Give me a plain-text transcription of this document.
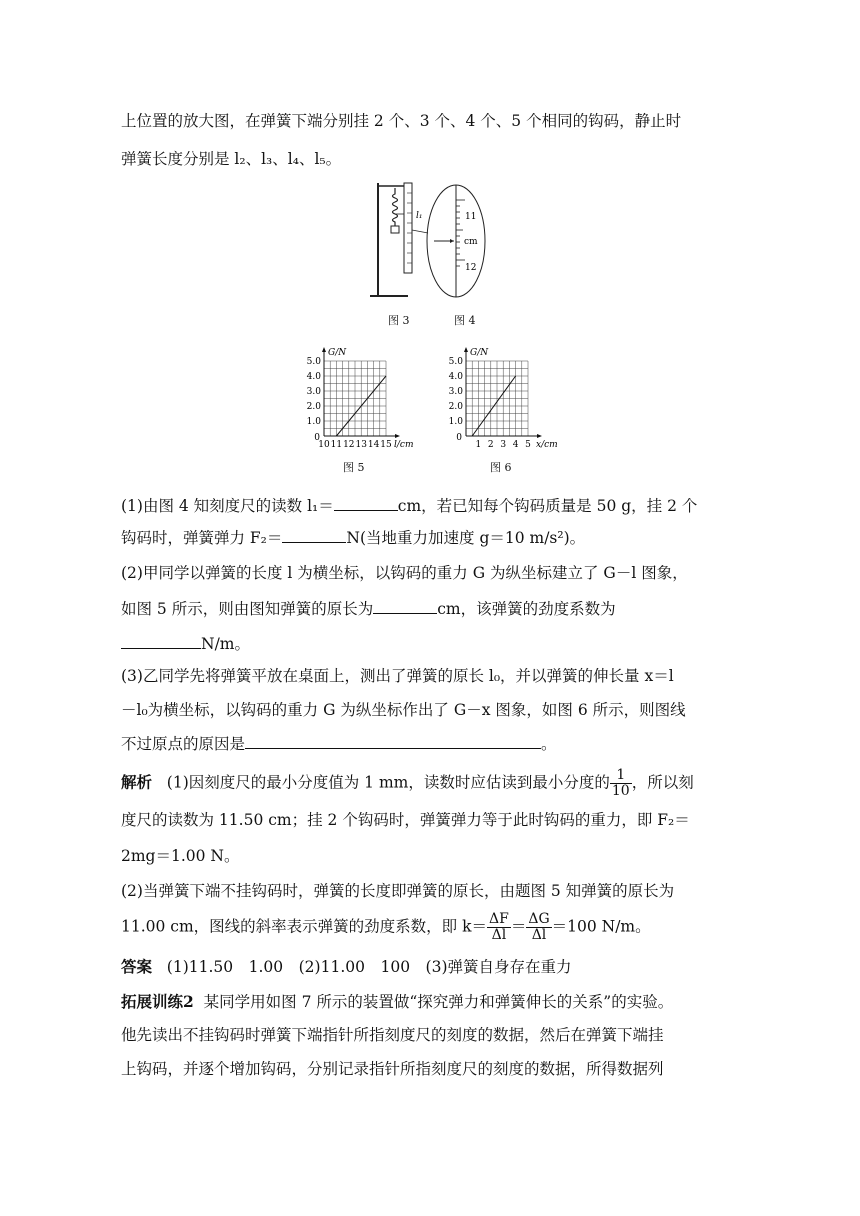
上位置的放大图，在弹簧下端分别挂 2 个、3 个、4 个、5 个相同的钩码，静止时
弹簧长度分别是 l₂、l₃、l₄、l₅。
11
cm
12
l₁
图 3	图 4
G/N
l/cm
1.0
2.0
3.0
4.0
5.0
0
10 11 12 13 14 15
图 5
G/N
x/cm
1.0
2.0
3.0
4.0
5.0
0
1 2 3 4 5
图 6
(1)由图 4 知刻度尺的读数 l₁＝	cm，若已知每个钩码质量是 50 g，挂 2 个
钩码时，弹簧弹力 F₂＝	N(当地重力加速度 g＝10 m/s²)。
(2)甲同学以弹簧的长度 l 为横坐标，以钩码的重力 G 为纵坐标建立了 G－l 图象，
如图 5 所示，则由图知弹簧的原长为	cm，该弹簧的劲度系数为
N/m。
(3)乙同学先将弹簧平放在桌面上，测出了弹簧的原长 l₀，并以弹簧的伸长量 x＝l
－l₀为横坐标，以钩码的重力 G 为纵坐标作出了 G－x 图象，如图 6 所示，则图线
不过原点的原因是	。
解析 (1)因刻度尺的最小分度值为 1 mm，读数时应估读到最小分度的 $\frac{1}{10}$ ，所以刻
度尺的读数为 11.50 cm；挂 2 个钩码时，弹簧弹力等于此时钩码的重力，即 F₂＝
2mg＝1.00 N。
(2)当弹簧下端不挂钩码时，弹簧的长度即弹簧的原长，由题图 5 知弹簧的原长为
11.00 cm，图线的斜率表示弹簧的劲度系数，即 $k= \frac{\Delta F}{\Delta l} = \frac{\Delta G}{\Delta l} =100$ N/m。
答案 (1)11.50　1.00　(2)11.00　100　(3)弹簧自身存在重力
拓展训练2 某同学用如图 7 所示的装置做“探究弹力和弹簧伸长的关系”的实验。
他先读出不挂钩码时弹簧下端指针所指刻度尺的刻度的数据，然后在弹簧下端挂
上钩码，并逐个增加钩码，分别记录指针所指刻度尺的刻度的数据，所得数据列
